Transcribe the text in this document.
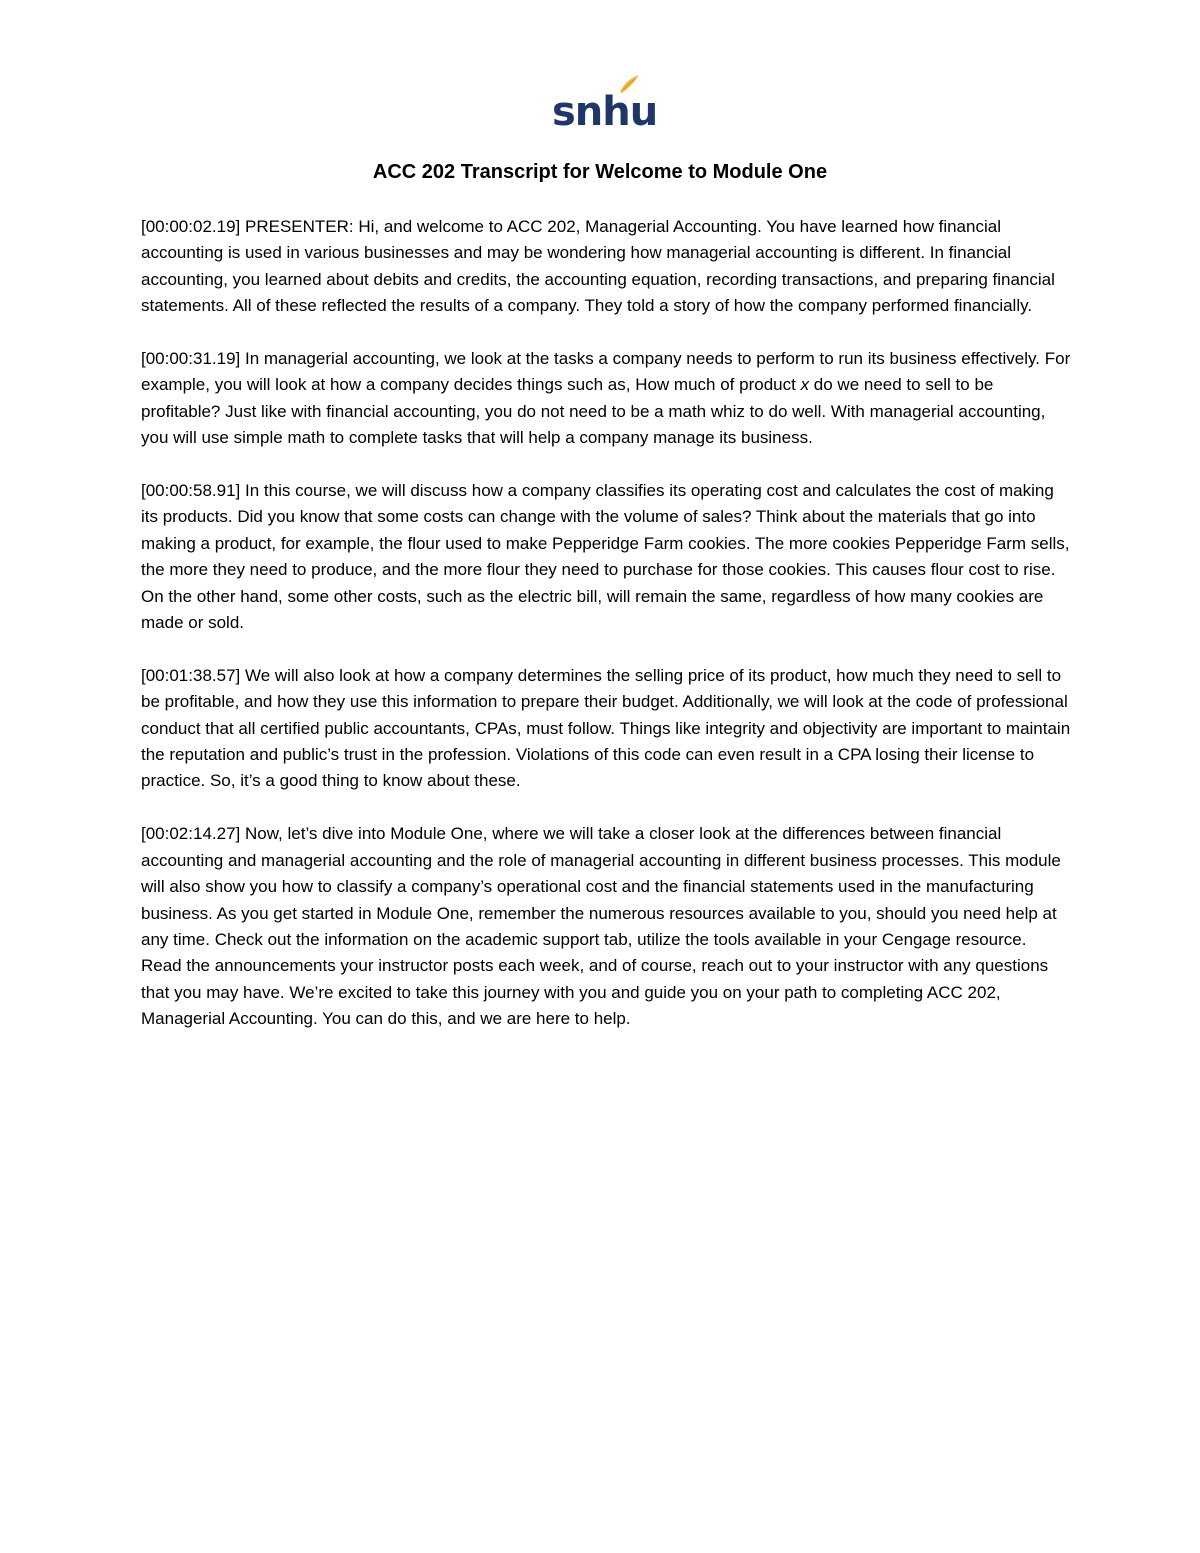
snhu
ACC 202 Transcript for Welcome to Module One

[00:00:02.19] PRESENTER: Hi, and welcome to ACC 202, Managerial Accounting. You have learned how financial accounting is used in various businesses and may be wondering how managerial accounting is different. In financial accounting, you learned about debits and credits, the accounting equation, recording transactions, and preparing financial statements. All of these reflected the results of a company. They told a story of how the company performed financially.

[00:00:31.19] In managerial accounting, we look at the tasks a company needs to perform to run its business effectively. For example, you will look at how a company decides things such as, How much of product x do we need to sell to be profitable? Just like with financial accounting, you do not need to be a math whiz to do well. With managerial accounting, you will use simple math to complete tasks that will help a company manage its business.

[00:00:58.91] In this course, we will discuss how a company classifies its operating cost and calculates the cost of making its products. Did you know that some costs can change with the volume of sales? Think about the materials that go into making a product, for example, the flour used to make Pepperidge Farm cookies. The more cookies Pepperidge Farm sells, the more they need to produce, and the more flour they need to purchase for those cookies. This causes flour cost to rise. On the other hand, some other costs, such as the electric bill, will remain the same, regardless of how many cookies are made or sold.

[00:01:38.57] We will also look at how a company determines the selling price of its product, how much they need to sell to be profitable, and how they use this information to prepare their budget. Additionally, we will look at the code of professional conduct that all certified public accountants, CPAs, must follow. Things like integrity and objectivity are important to maintain the reputation and public’s trust in the profession. Violations of this code can even result in a CPA losing their license to practice. So, it’s a good thing to know about these.

[00:02:14.27] Now, let’s dive into Module One, where we will take a closer look at the differences between financial accounting and managerial accounting and the role of managerial accounting in different business processes. This module will also show you how to classify a company’s operational cost and the financial statements used in the manufacturing business. As you get started in Module One, remember the numerous resources available to you, should you need help at any time. Check out the information on the academic support tab, utilize the tools available in your Cengage resource. Read the announcements your instructor posts each week, and of course, reach out to your instructor with any questions that you may have. We’re excited to take this journey with you and guide you on your path to completing ACC 202, Managerial Accounting. You can do this, and we are here to help.
